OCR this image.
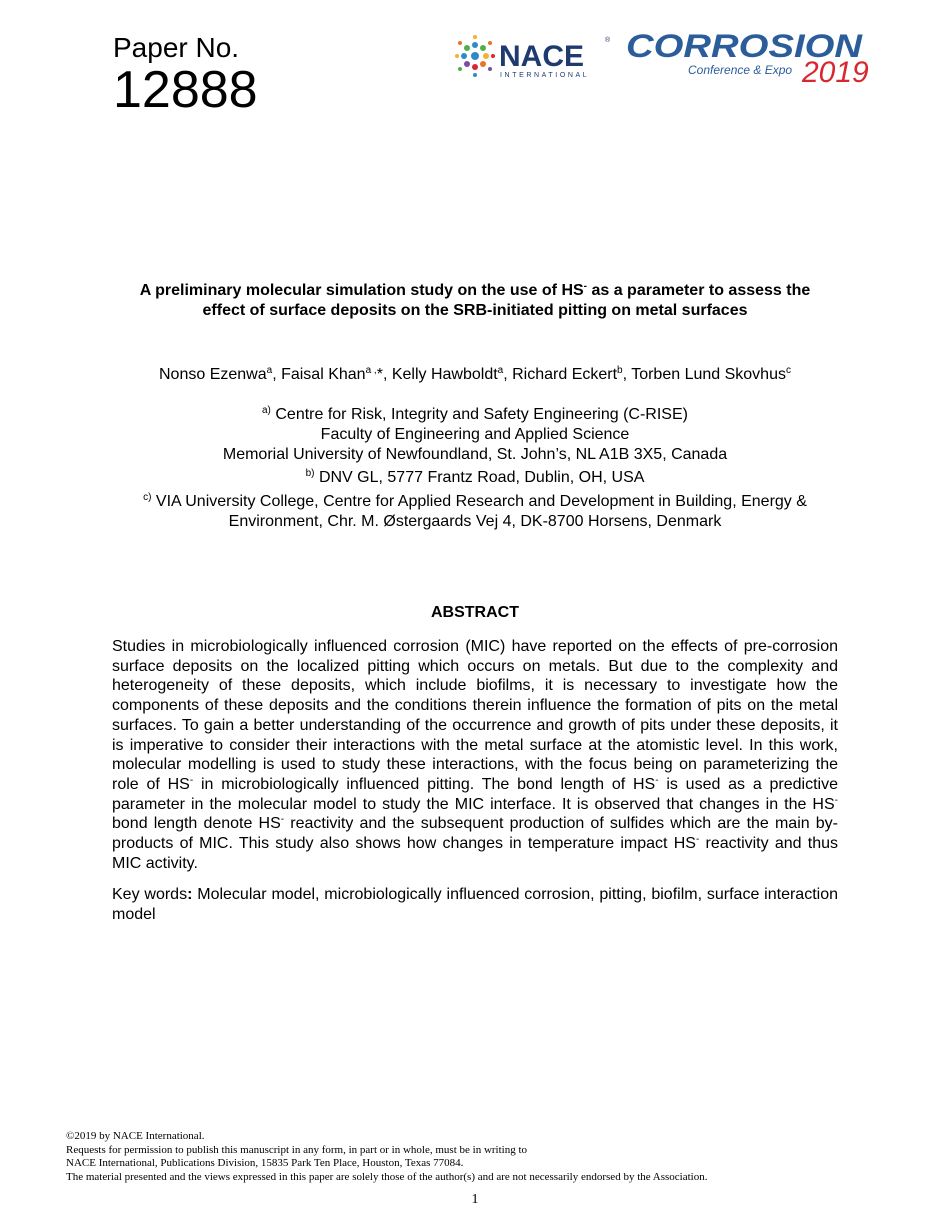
Paper No.
12888
NACE	®
INTERNATIONAL
CORROSION
Conference & Expo 2019
A preliminary molecular simulation study on the use of HS- as a parameter to assess the
effect of surface deposits on the SRB-initiated pitting on metal surfaces
Nonso Ezenwa$^a$, Faisal Khan$^{a ,}$*, Kelly Hawboldt$^a$, Richard Eckert$^b$, Torben Lund Skovhus$^c$
$^{a)}$ Centre for Risk, Integrity and Safety Engineering (C-RISE)
Faculty of Engineering and Applied Science
Memorial University of Newfoundland, St. John’s, NL A1B 3X5, Canada
$^{b)}$ DNV GL, 5777 Frantz Road, Dublin, OH, USA
$^{c)}$ VIA University College, Centre for Applied Research and Development in Building, Energy &
Environment, Chr. M. Østergaards Vej 4, DK-8700 Horsens, Denmark
ABSTRACT
Studies in microbiologically influenced corrosion (MIC) have reported on the effects of pre-corrosion surface deposits on the localized pitting which occurs on metals. But due to the complexity and heterogeneity of these deposits, which include biofilms, it is necessary to investigate how the components of these deposits and the conditions therein influence the formation of pits on the metal surfaces. To gain a better understanding of the occurrence and growth of pits under these deposits, it is imperative to consider their interactions with the metal surface at the atomistic level. In this work, molecular modelling is used to study these interactions, with the focus being on parameterizing the role of HS- in microbiologically influenced pitting. The bond length of HS- is used as a predictive parameter in the molecular model to study the MIC interface. It is observed that changes in the HS- bond length denote HS- reactivity and the subsequent production of sulfides which are the main by-products of MIC. This study also shows how changes in temperature impact HS- reactivity and thus MIC activity.
Key words: Molecular model, microbiologically influenced corrosion, pitting, biofilm, surface interaction model
©2019 by NACE International.
Requests for permission to publish this manuscript in any form, in part or in whole, must be in writing to
NACE International, Publications Division, 15835 Park Ten Place, Houston, Texas 77084.
The material presented and the views expressed in this paper are solely those of the author(s) and are not necessarily endorsed by the Association.
1
